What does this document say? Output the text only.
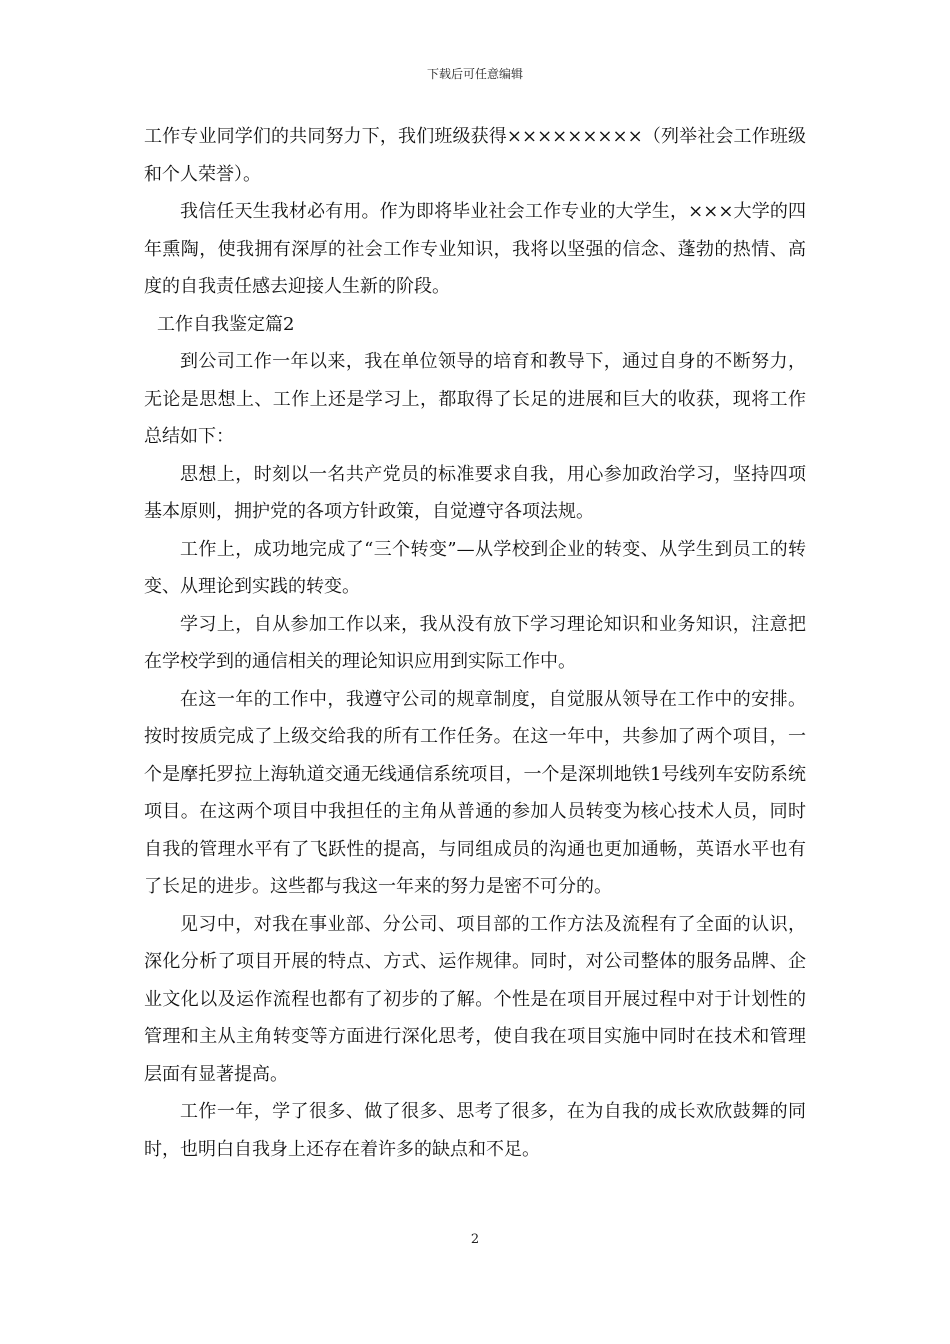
下载后可任意编辑

工作专业同学们的共同努力下，我们班级获得×××××××××（列举社会工作班级和个人荣誉）。

我信任天生我材必有用。作为即将毕业社会工作专业的大学生，×××大学的四年熏陶，使我拥有深厚的社会工作专业知识，我将以坚强的信念、蓬勃的热情、高度的自我责任感去迎接人生新的阶段。

工作自我鉴定篇2

到公司工作一年以来，我在单位领导的培育和教导下，通过自身的不断努力，无论是思想上、工作上还是学习上，都取得了长足的进展和巨大的收获，现将工作总结如下：

思想上，时刻以一名共产党员的标准要求自我，用心参加政治学习，坚持四项基本原则，拥护党的各项方针政策，自觉遵守各项法规。

工作上，成功地完成了“三个转变”—从学校到企业的转变、从学生到员工的转变、从理论到实践的转变。

学习上，自从参加工作以来，我从没有放下学习理论知识和业务知识，注意把在学校学到的通信相关的理论知识应用到实际工作中。

在这一年的工作中，我遵守公司的规章制度，自觉服从领导在工作中的安排。按时按质完成了上级交给我的所有工作任务。在这一年中，共参加了两个项目，一个是摩托罗拉上海轨道交通无线通信系统项目，一个是深圳地铁1号线列车安防系统项目。在这两个项目中我担任的主角从普通的参加人员转变为核心技术人员，同时自我的管理水平有了飞跃性的提高，与同组成员的沟通也更加通畅，英语水平也有了长足的进步。这些都与我这一年来的努力是密不可分的。

见习中，对我在事业部、分公司、项目部的工作方法及流程有了全面的认识，深化分析了项目开展的特点、方式、运作规律。同时，对公司整体的服务品牌、企业文化以及运作流程也都有了初步的了解。个性是在项目开展过程中对于计划性的管理和主从主角转变等方面进行深化思考，使自我在项目实施中同时在技术和管理层面有显著提高。

工作一年，学了很多、做了很多、思考了很多，在为自我的成长欢欣鼓舞的同时，也明白自我身上还存在着许多的缺点和不足。

2
